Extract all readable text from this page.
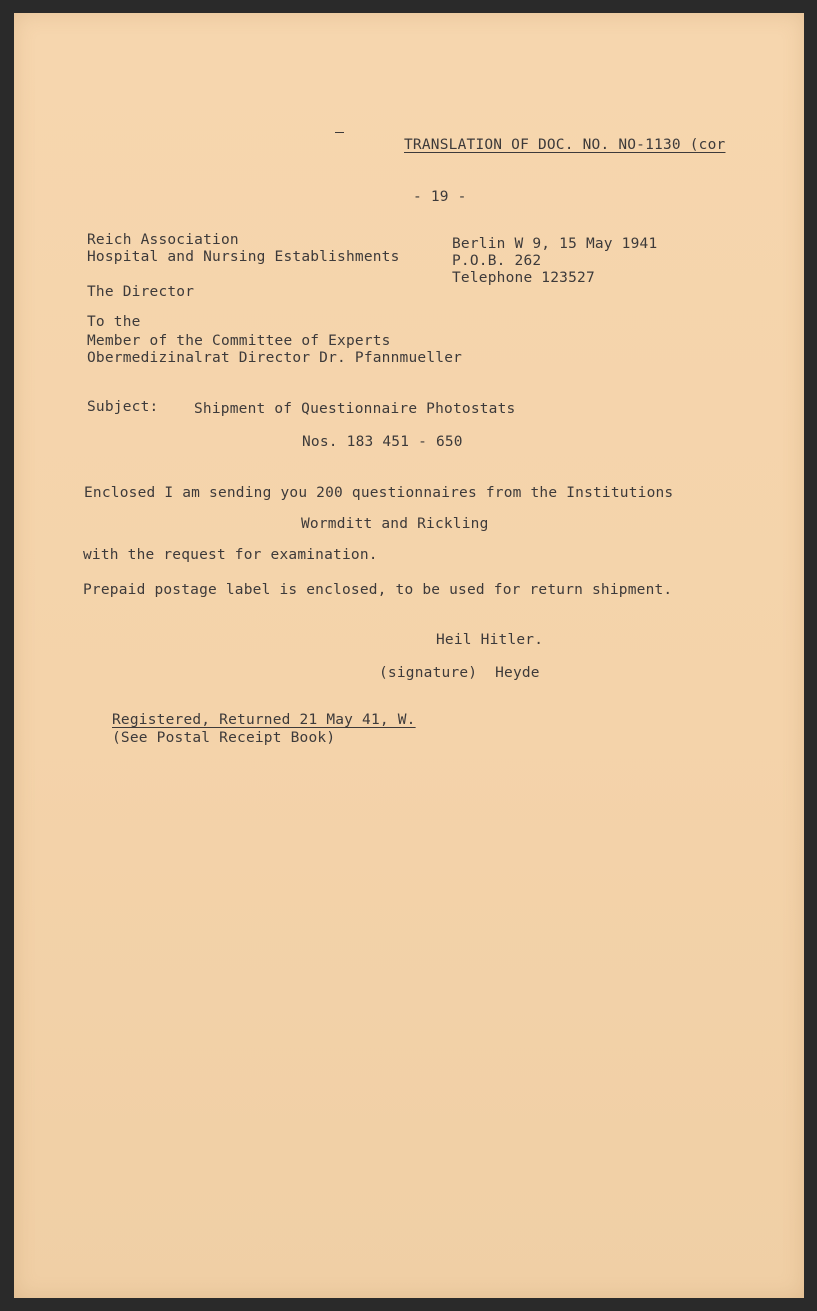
TRANSLATION OF DOC. NO. NO-1130 (cor
- 19 -
Reich Association
Hospital and Nursing Establishments
The Director
Berlin W 9, 15 May 1941
P.O.B. 262
Telephone 123527
To the
Member of the Committee of Experts
Obermedizinalrat Director Dr. Pfannmueller
Subject: Shipment of Questionnaire Photostats
Nos. 183 451 - 650
Enclosed I am sending you 200 questionnaires from the Institutions
Wormditt and Rickling
with the request for examination.
Prepaid postage label is enclosed, to be used for return shipment.
Heil Hitler.
(signature)  Heyde
Registered, Returned 21 May 41, W.
(See Postal Receipt Book)
